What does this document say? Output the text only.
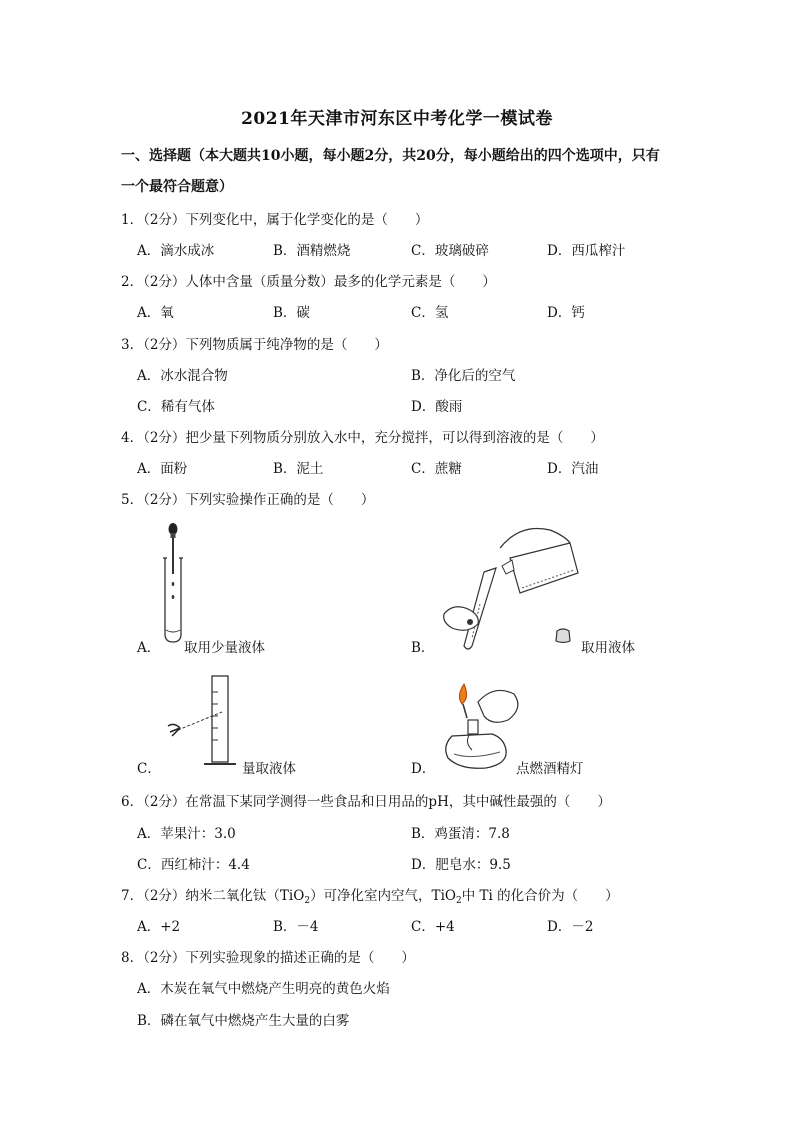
2021年天津市河东区中考化学一模试卷
一、选择题（本大题共10小题，每小题2分，共20分，每小题给出的四个选项中，只有
一个最符合题意）
1．（2分）下列变化中，属于化学变化的是（　　）
A．滴水成冰	B．酒精燃烧	C．玻璃破碎	D．西瓜榨汁
2．（2分）人体中含量（质量分数）最多的化学元素是（　　）
A．氧	B．碳	C．氢	D．钙
3．（2分）下列物质属于纯净物的是（　　）
A．冰水混合物	B．净化后的空气
C．稀有气体	D．酸雨
4．（2分）把少量下列物质分别放入水中，充分搅拌，可以得到溶液的是（　　）
A．面粉	B．泥土	C．蔗糖	D．汽油
5．（2分）下列实验操作正确的是（　　）
A． 取用少量液体	B．	取用液体
C．	量取液体	D．	点燃酒精灯
6．（2分）在常温下某同学测得一些食品和日用品的pH，其中碱性最强的（　　）
A．苹果汁：3.0	B．鸡蛋清：7.8
C．西红柿汁：4.4	D．肥皂水：9.5
7．（2分）纳米二氧化钛（TiO$_2$）可净化室内空气，TiO$_2$中 Ti 的化合价为（　　）
A．+2	B．－4	C．+4	D．－2
8．（2分）下列实验现象的描述正确的是（　　）
A．木炭在氧气中燃烧产生明亮的黄色火焰
B．磷在氧气中燃烧产生大量的白雾
